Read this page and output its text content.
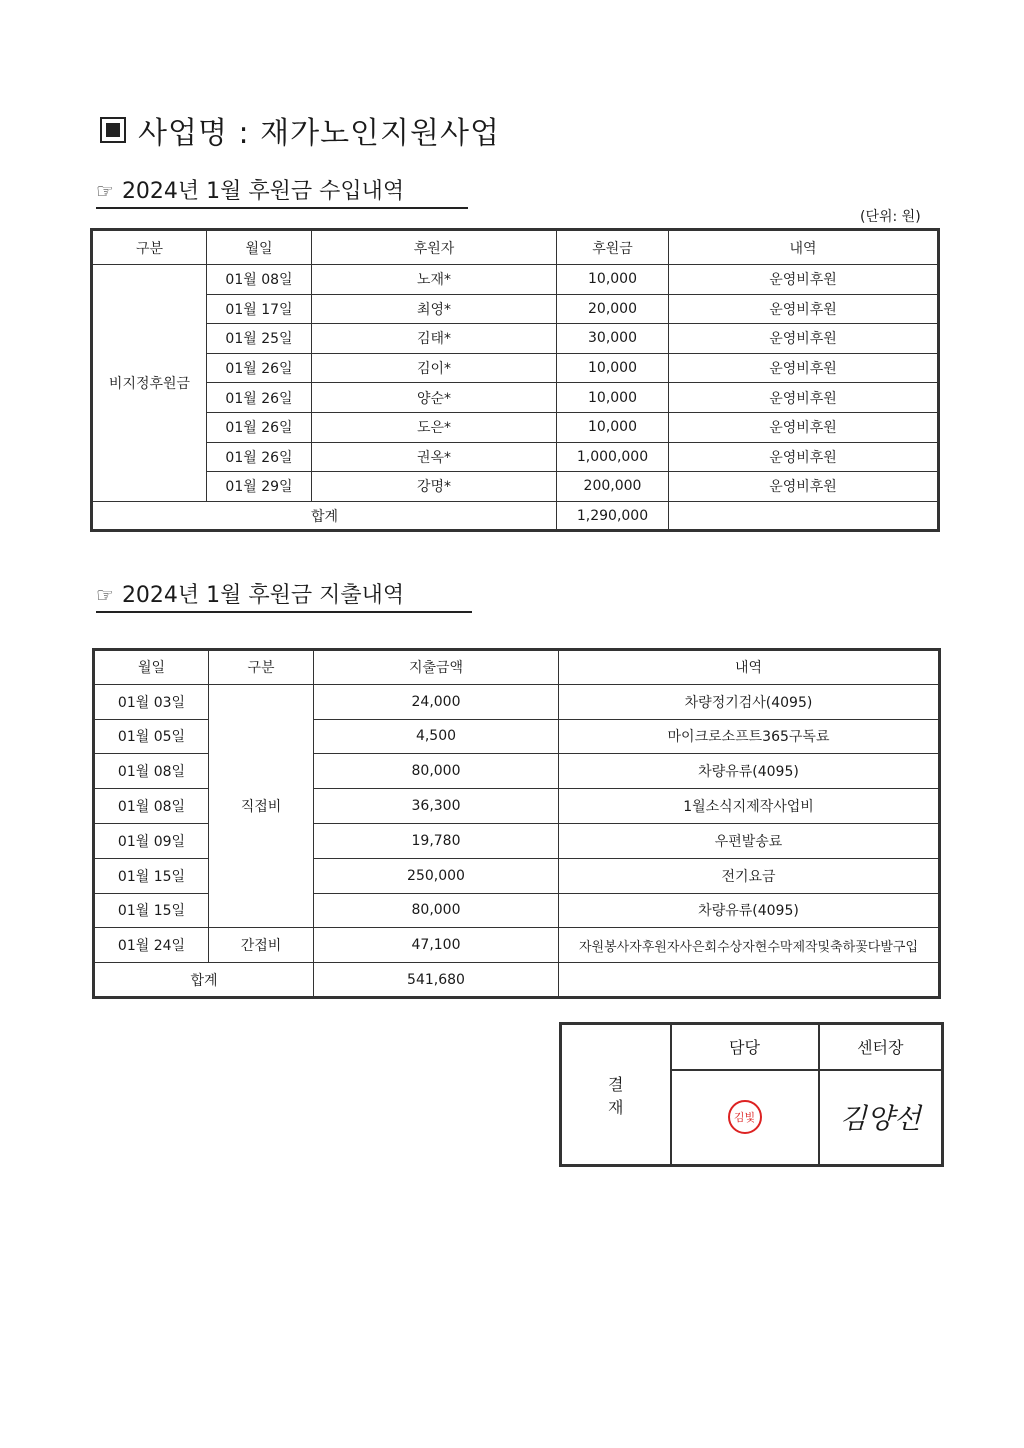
사업명 : 재가노인지원사업
☞ 2024년 1월 후원금 수입내역
(단위: 원)
구분	월일	후원자	후원금	내역
비지정후원금	01월 08일	노재*	10,000	운영비후원
	01월 17일	최영*	20,000	운영비후원
	01월 25일	김태*	30,000	운영비후원
	01월 26일	김이*	10,000	운영비후원
	01월 26일	양순*	10,000	운영비후원
	01월 26일	도은*	10,000	운영비후원
	01월 26일	권옥*	1,000,000	운영비후원
	01월 29일	강명*	200,000	운영비후원
합계			1,290,000	
☞ 2024년 1월 후원금 지출내역
월일	구분	지출금액	내역
01월 03일	직접비	24,000	차량정기검사(4095)
01월 05일		4,500	마이크로소프트365구독료
01월 08일		80,000	차량유류(4095)
01월 08일		36,300	1월소식지제작사업비
01월 09일		19,780	우편발송료
01월 15일		250,000	전기요금
01월 15일		80,000	차량유류(4095)
01월 24일	간접비	47,100	자원봉사자후원자사은회수상자현수막제작및축하꽃다발구입
합계		541,680	
결
재	담당	센터장
	김빛	김양선
